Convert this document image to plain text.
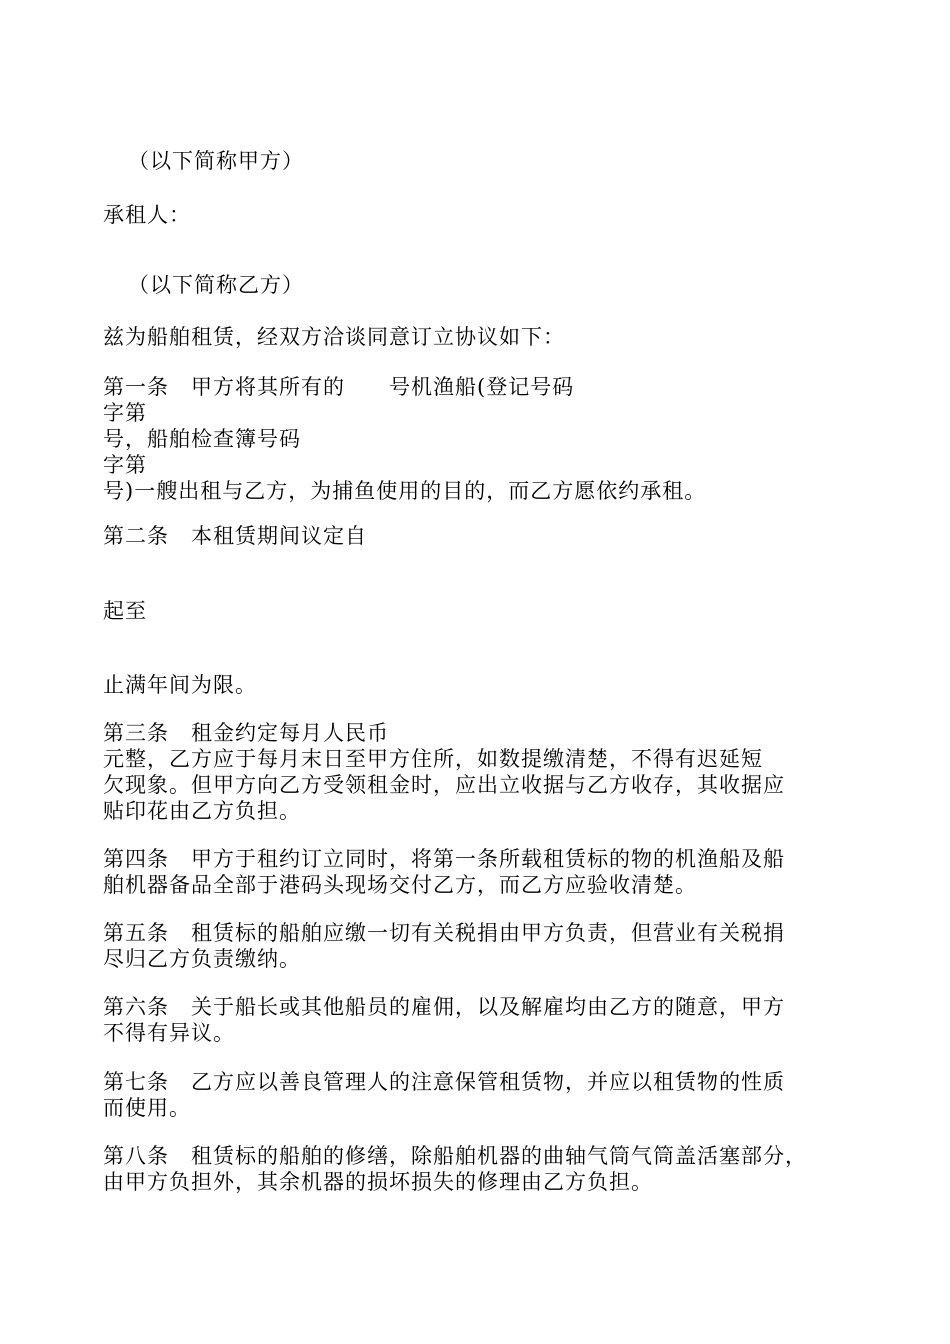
（以下简称甲方）
承租人：
（以下简称乙方）
兹为船舶租赁，经双方洽谈同意订立协议如下：
第一条　甲方将其所有的　　号机渔船(登记号码
字第
号，船舶检查簿号码
字第
号)一艘出租与乙方，为捕鱼使用的目的，而乙方愿依约承租。
第二条　本租赁期间议定自
起至
止满年间为限。
第三条　租金约定每月人民币
元整，乙方应于每月末日至甲方住所，如数提缴清楚，不得有迟延短
欠现象。但甲方向乙方受领租金时，应出立收据与乙方收存，其收据应
贴印花由乙方负担。
第四条　甲方于租约订立同时，将第一条所载租赁标的物的机渔船及船
舶机器备品全部于港码头现场交付乙方，而乙方应验收清楚。
第五条　租赁标的船舶应缴一切有关税捐由甲方负责，但营业有关税捐
尽归乙方负责缴纳。
第六条　关于船长或其他船员的雇佣，以及解雇均由乙方的随意，甲方
不得有异议。
第七条　乙方应以善良管理人的注意保管租赁物，并应以租赁物的性质
而使用。
第八条　租赁标的船舶的修缮，除船舶机器的曲轴气筒气筒盖活塞部分，
由甲方负担外，其余机器的损坏损失的修理由乙方负担。
